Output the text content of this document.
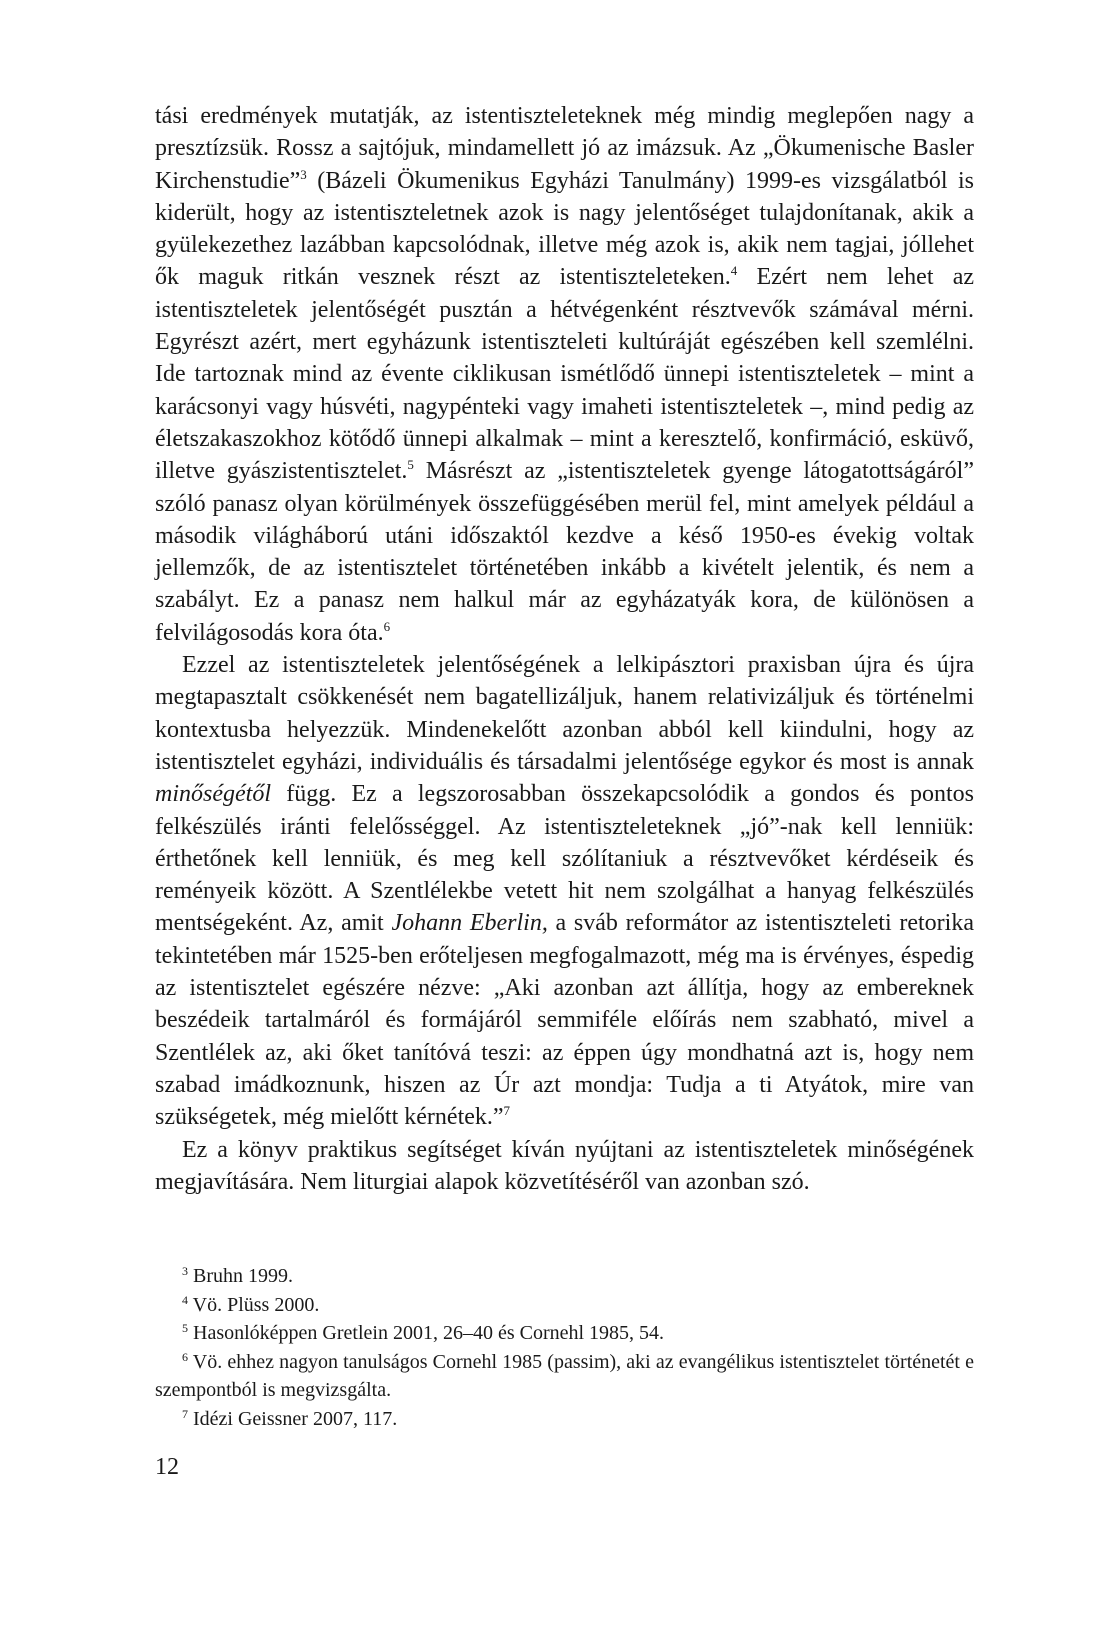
tási eredmények mutatják, az istentiszteleteknek még mindig meglepően nagy a presztízsük. Rossz a sajtójuk, mindamellett jó az imázsuk. Az „Ökumenische Basler Kirchenstudie”$^3$ (Bázeli Ökumenikus Egyházi Tanulmány) 1999-es vizsgálatból is kiderült, hogy az istentiszteletnek azok is nagy jelentőséget tulajdonítanak, akik a gyülekezethez lazábban kapcsolódnak, illetve még azok is, akik nem tagjai, jóllehet ők maguk ritkán vesznek részt az istentiszteleteken.$^4$ Ezért nem lehet az istentiszteletek jelentőségét pusztán a hétvégenként résztvevők számával mérni. Egyrészt azért, mert egyházunk istentiszteleti kultúráját egészében kell szemlélni. Ide tartoznak mind az évente ciklikusan ismétlődő ünnepi istentiszteletek – mint a karácsonyi vagy húsvéti, nagypénteki vagy imaheti istentiszteletek –, mind pedig az életszakaszokhoz kötődő ünnepi alkalmak – mint a keresztelő, konfirmáció, esküvő, illetve gyászistentisztelet.$^5$ Másrészt az „istentiszteletek gyenge látogatottságáról” szóló panasz olyan körülmények összefüggésében merül fel, mint amelyek például a második világháború utáni időszaktól kezdve a késő 1950-es évekig voltak jellemzők, de az istentisztelet történetében inkább a kivételt jelentik, és nem a szabályt. Ez a panasz nem halkul már az egyházatyák kora, de különösen a felvilágosodás kora óta.$^6$

Ezzel az istentiszteletek jelentőségének a lelkipásztori praxisban újra és újra megtapasztalt csökkenését nem bagatellizáljuk, hanem relativizáljuk és történelmi kontextusba helyezzük. Mindenekelőtt azonban abból kell kiindulni, hogy az istentisztelet egyházi, individuális és társadalmi jelentősége egykor és most is annak minőségétől függ. Ez a legszorosabban összekapcsolódik a gondos és pontos felkészülés iránti felelősséggel. Az istentiszteleteknek „jó”-nak kell lenniük: érthetőnek kell lenniük, és meg kell szólítaniuk a résztvevőket kérdéseik és reményeik között. A Szentlélekbe vetett hit nem szolgálhat a hanyag felkészülés mentségeként. Az, amit Johann Eberlin, a sváb reformátor az istentiszteleti retorika tekintetében már 1525-ben erőteljesen megfogalmazott, még ma is érvényes, éspedig az istentisztelet egészére nézve: „Aki azonban azt állítja, hogy az embereknek beszédeik tartalmáról és formájáról semmiféle előírás nem szabható, mivel a Szentlélek az, aki őket tanítóvá teszi: az éppen úgy mondhatná azt is, hogy nem szabad imádkoznunk, hiszen az Úr azt mondja: Tudja a ti Atyátok, mire van szükségetek, még mielőtt kérnétek.”$^7$

Ez a könyv praktikus segítséget kíván nyújtani az istentiszteletek minőségének megjavítására. Nem liturgiai alapok közvetítéséről van azonban szó.

$^3$ Bruhn 1999.

$^4$ Vö. Plüss 2000.

$^5$ Hasonlóképpen Gretlein 2001, 26–40 és Cornehl 1985, 54.

$^6$ Vö. ehhez nagyon tanulságos Cornehl 1985 (passim), aki az evangélikus istentisztelet történetét e szempontból is megvizsgálta.

$^7$ Idézi Geissner 2007, 117.

12
